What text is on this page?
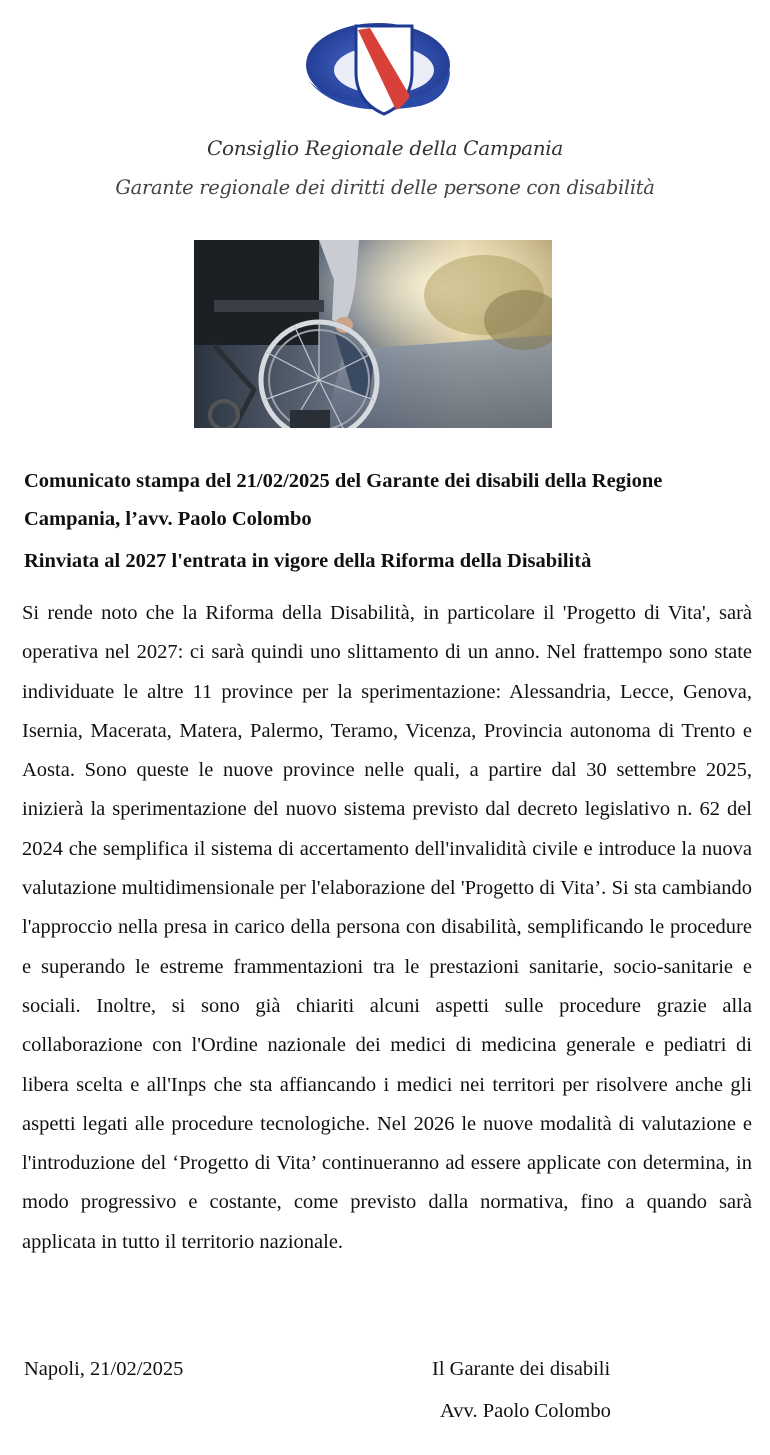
Consiglio Regionale della Campania
Garante regionale dei diritti delle persone con disabilità
Comunicato stampa del 21/02/2025 del Garante dei disabili della Regione Campania, l’avv. Paolo Colombo
Rinviata al 2027 l'entrata in vigore della Riforma della Disabilità
Si rende noto che la Riforma della Disabilità, in particolare il 'Progetto di Vita', sarà operativa nel 2027: ci sarà quindi uno slittamento di un anno. Nel frattempo sono state individuate le altre 11 province per la sperimentazione: Alessandria, Lecce, Genova, Isernia, Macerata, Matera, Palermo, Teramo, Vicenza, Provincia autonoma di Trento e Aosta. Sono queste le nuove province nelle quali, a partire dal 30 settembre 2025, inizierà la sperimentazione del nuovo sistema previsto dal decreto legislativo n. 62 del 2024 che semplifica il sistema di accertamento dell'invalidità civile e introduce la nuova valutazione multidimensionale per l'elaborazione del 'Progetto di Vita’. Si sta cambiando l'approccio nella presa in carico della persona con disabilità, semplificando le procedure e superando le estreme frammentazioni tra le prestazioni sanitarie, socio-sanitarie e sociali. Inoltre, si sono già chiariti alcuni aspetti sulle procedure grazie alla collaborazione con l'Ordine nazionale dei medici di medicina generale e pediatri di libera scelta e all'Inps che sta affiancando i medici nei territori per risolvere anche gli aspetti legati alle procedure tecnologiche. Nel 2026 le nuove modalità di valutazione e l'introduzione del ‘Progetto di Vita’ continueranno ad essere applicate con determina, in modo progressivo e costante, come previsto dalla normativa, fino a quando sarà applicata in tutto il territorio nazionale.
Napoli, 21/02/2025	Il Garante dei disabili
Avv. Paolo Colombo
